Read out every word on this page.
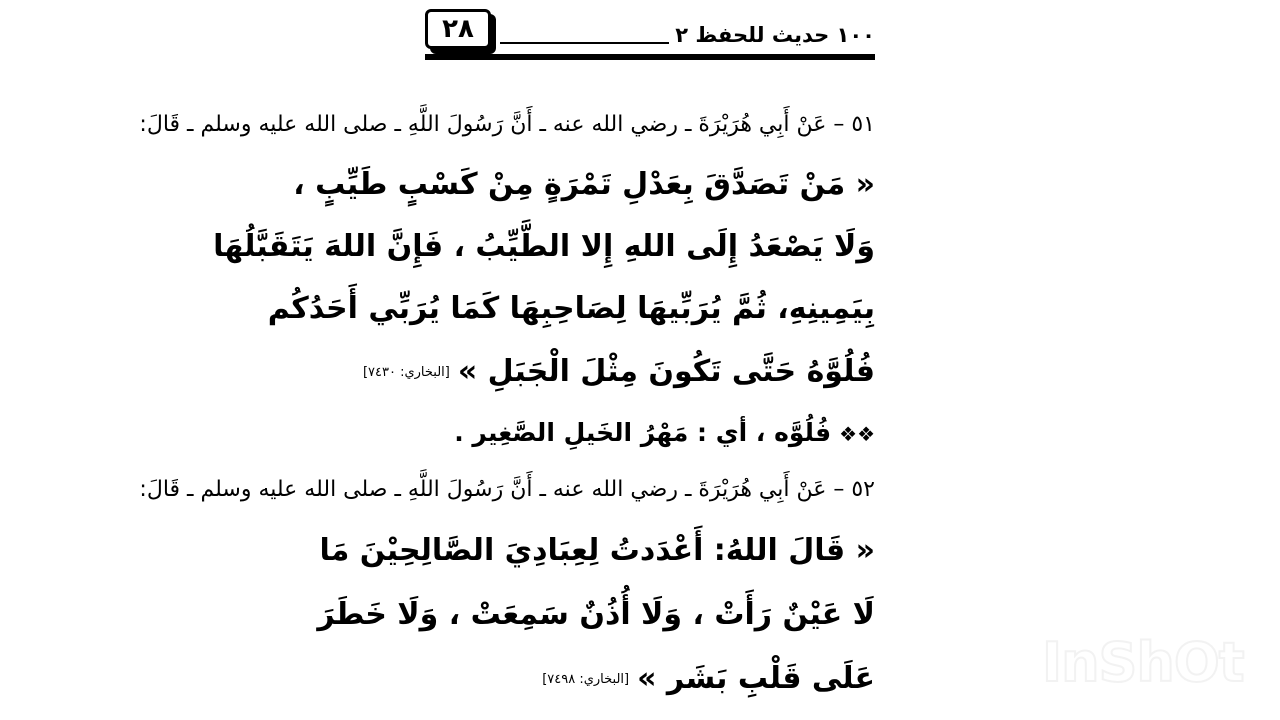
٢٨	١٠٠ حديث للحفظ ٢
٥١ – عَنْ أَبِي هُرَيْرَةَ ـ رضي الله عنه ـ أَنَّ رَسُولَ اللَّهِ ـ صلى الله عليه وسلم ـ قَالَ:
« مَنْ تَصَدَّقَ بِعَدْلِ تَمْرَةٍ مِنْ كَسْبٍ طَيِّبٍ ،
وَلَا يَصْعَدُ إِلَى اللهِ إِلا الطَّيِّبُ ، فَإِنَّ اللهَ يَتَقَبَّلُهَا
بِيَمِينِهِ، ثُمَّ يُرَبِّيهَا لِصَاحِبِهَا كَمَا يُرَبِّي أَحَدُكُم
فُلُوَّهُ حَتَّى تَكُونَ مِثْلَ الْجَبَلِ »[البخاري: ٧٤٣٠]
❖❖فُلُوَّه ، أي : مَهْرُ الخَيلِ الصَّغِير .
٥٢ – عَنْ أَبِي هُرَيْرَةَ ـ رضي الله عنه ـ أَنَّ رَسُولَ اللَّهِ ـ صلى الله عليه وسلم ـ قَالَ:
« قَالَ اللهُ: أَعْدَدتُ لِعِبَادِيَ الصَّالِحِيْنَ مَا
لَا عَيْنٌ رَأَتْ ، وَلَا أُذُنٌ سَمِعَتْ ، وَلَا خَطَرَ
عَلَى قَلْبِ بَشَر »[البخاري: ٧٤٩٨]	InShOt
